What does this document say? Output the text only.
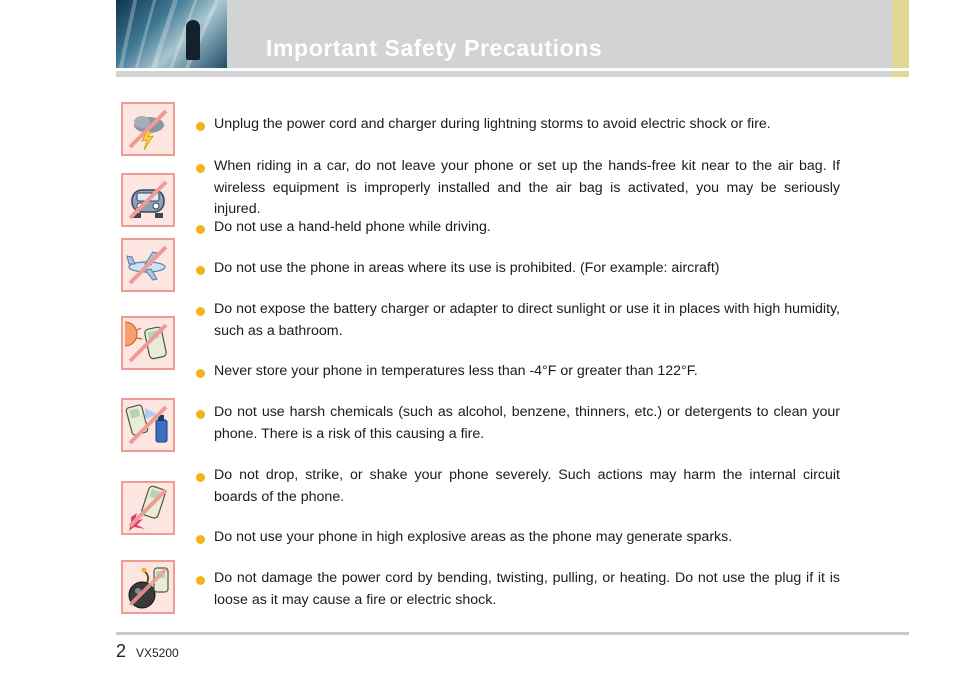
Important Safety Precautions
Unplug the power cord and charger during lightning storms to avoid electric shock or fire.
When riding in a car, do not leave your phone or set up the hands-free kit near to the air bag. If wireless equipment is improperly installed and the air bag is activated, you may be seriously injured.
Do not use a hand-held phone while driving.
Do not use the phone in areas where its use is prohibited. (For example: aircraft)
Do not expose the battery charger or adapter to direct sunlight or use it in places with high humidity, such as a bathroom.
Never store your phone in temperatures less than -4°F or greater than 122°F.
Do not use harsh chemicals (such as alcohol, benzene, thinners, etc.) or detergents to clean your phone. There is a risk of this causing a fire.
Do not drop, strike, or shake your phone severely. Such actions may harm the internal circuit boards of the phone.
Do not use your phone in high explosive areas as the phone may generate sparks.
Do not damage the power cord by bending, twisting, pulling, or heating. Do not use the plug if it is loose as it may cause a fire or electric shock.
2 VX5200
